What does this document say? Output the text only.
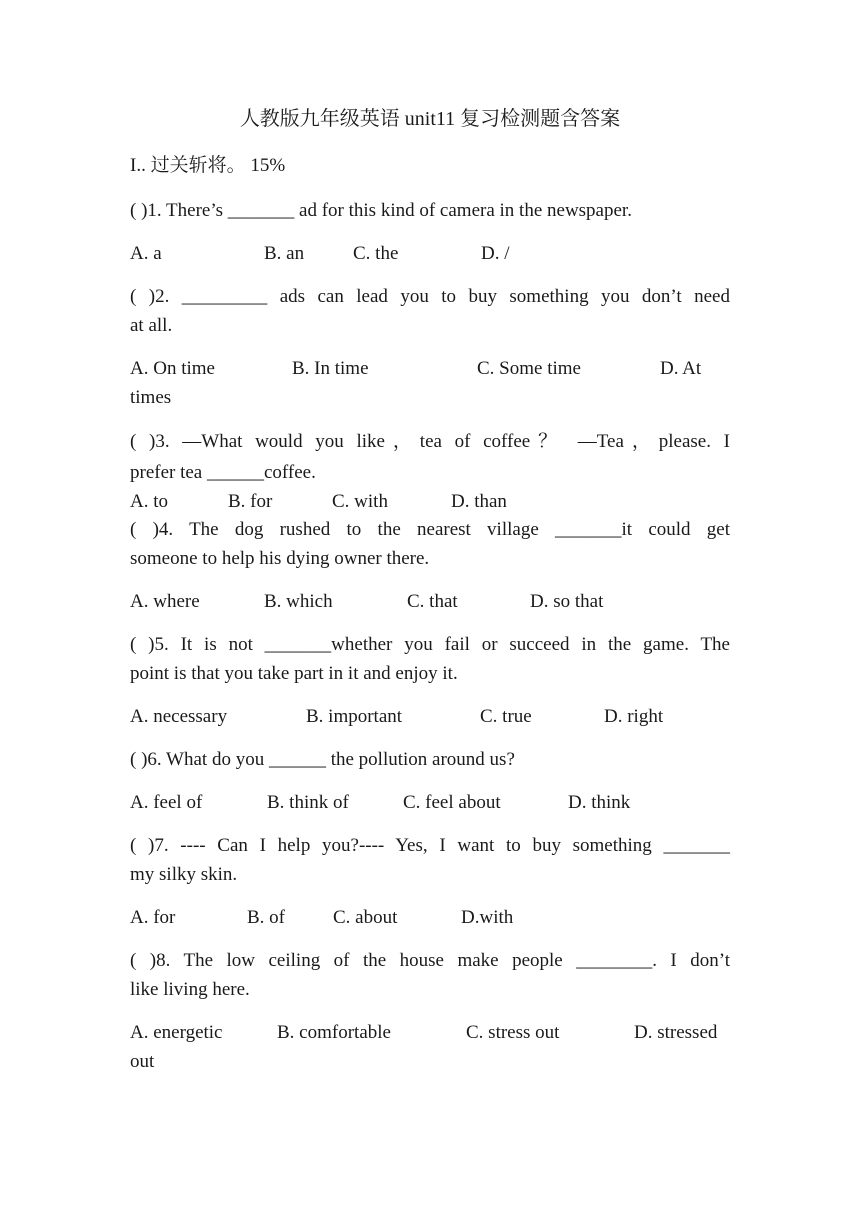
人教版九年级英语 unit11 复习检测题含答案
I.. 过关斩将。 15%
( )1. There’s _______ ad for this kind of camera in the newspaper.
A. a	B. an	C. the	D. /
( )2. _________ ads can lead you to buy something you don’t need
at all.
A. On time	B. In time	C. Some time	D. At
times
( )3. —What would you like，tea of coffee？ —Tea，please. I
prefer tea ______coffee.
A. to	B. for	C. with	D. than
( )4. The dog rushed to the nearest village _______it could get
someone to help his dying owner there.
A. where	B. which	C. that	D. so that
( )5. It is not _______whether you fail or succeed in the game. The
point is that you take part in it and enjoy it.
A. necessary	B. important	C. true	D. right
( )6. What do you ______ the pollution around us?
A. feel of	B. think of	C. feel about	D. think
( )7. ---- Can I help you?---- Yes, I want to buy something _______
my silky skin.
A. for	B. of	C. about	D.with
( )8. The low ceiling of the house make people ________. I don’t
like living here.
A. energetic	B. comfortable	C. stress out	D. stressed
out
